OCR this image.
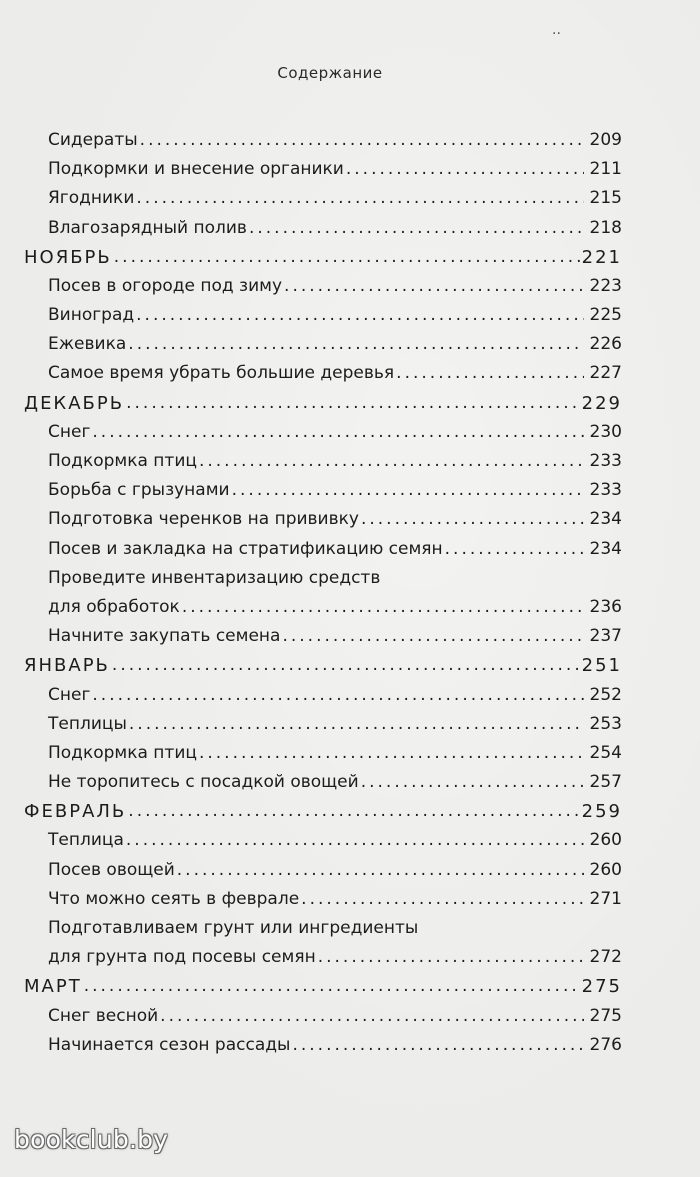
..
Содержание
Сидераты . . .	209
Подкормки и внесение органики . . .	211
Ягодники . . .	215
Влагозарядный полив . . .	218
НОЯБРЬ . . .	221
Посев в огороде под зиму . . .	223
Виноград . . .	225
Ежевика . . .	226
Самое время убрать большие деревья . . .	227
ДЕКАБРЬ . . .	229
Снег . . .	230
Подкормка птиц . . .	233
Борьба с грызунами . . .	233
Подготовка черенков на прививку . . .	234
Посев и закладка на стратификацию семян . . .	234
Проведите инвентаризацию средств
для обработок . . .	236
Начните закупать семена . . .	237
ЯНВАРЬ . . .	251
Снег . . .	252
Теплицы . . .	253
Подкормка птиц . . .	254
Не торопитесь с посадкой овощей . . .	257
ФЕВРАЛЬ . . .	259
Теплица . . .	260
Посев овощей . . .	260
Что можно сеять в феврале . . .	271
Подготавливаем грунт или ингредиенты
для грунта под посевы семян . . .	272
МАРТ . . .	275
Снег весной . . .	275
Начинается сезон рассады . . .	276
bookclub.by
